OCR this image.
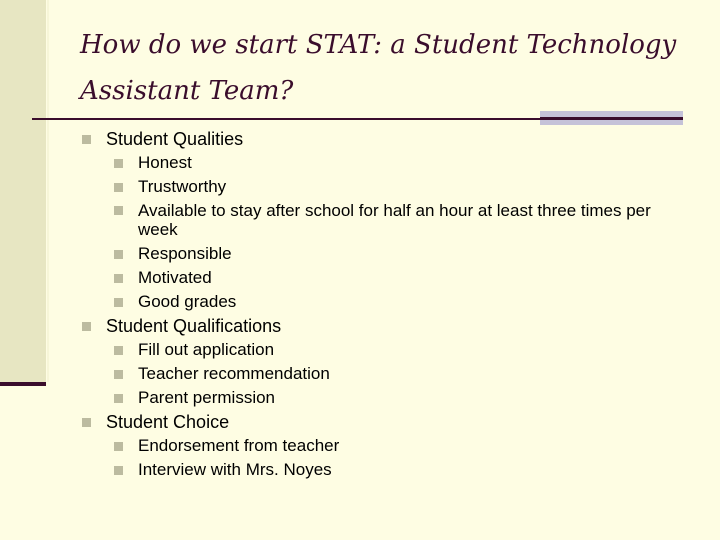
How do we start STAT: a Student Technology Assistant Team?
Student Qualities
Honest
Trustworthy
Available to stay after school for half an hour at least three times per week
Responsible
Motivated
Good grades
Student Qualifications
Fill out application
Teacher recommendation
Parent permission
Student Choice
Endorsement from teacher
Interview with Mrs. Noyes
